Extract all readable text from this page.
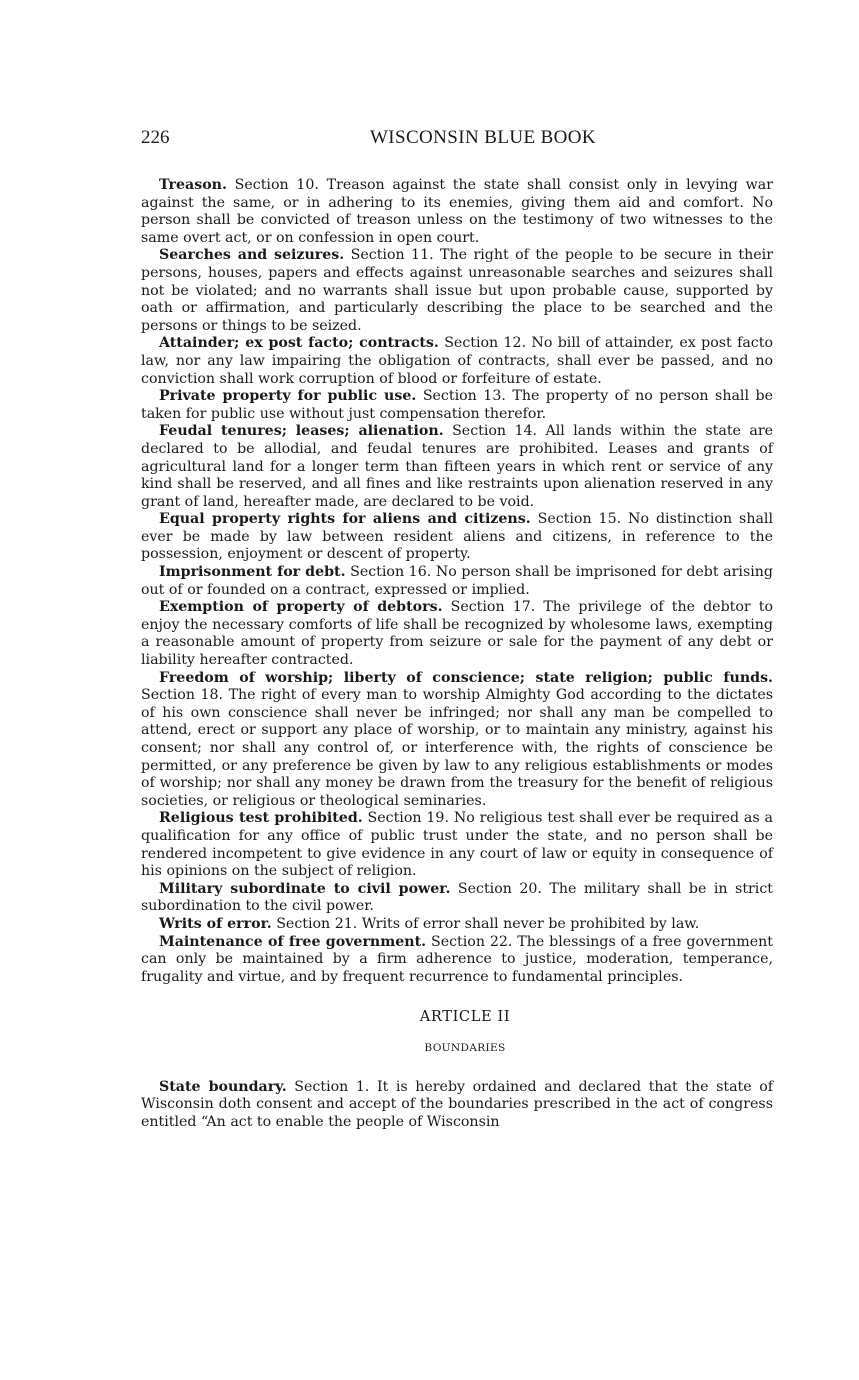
226	WISCONSIN BLUE BOOK

Treason. Section 10. Treason against the state shall consist only in levying war against the same, or in adhering to its enemies, giving them aid and comfort. No person shall be convicted of treason unless on the testimony of two witnesses to the same overt act, or on confession in open court.

Searches and seizures. Section 11. The right of the people to be secure in their persons, houses, papers and effects against unreasonable searches and seizures shall not be violated; and no warrants shall issue but upon probable cause, supported by oath or affirmation, and particularly describing the place to be searched and the persons or things to be seized.

Attainder; ex post facto; contracts. Section 12. No bill of attainder, ex post facto law, nor any law impairing the obligation of contracts, shall ever be passed, and no conviction shall work corruption of blood or forfeiture of estate.

Private property for public use. Section 13. The property of no person shall be taken for public use without just compensation therefor.

Feudal tenures; leases; alienation. Section 14. All lands within the state are declared to be allodial, and feudal tenures are prohibited. Leases and grants of agricultural land for a longer term than fifteen years in which rent or service of any kind shall be reserved, and all fines and like restraints upon alienation reserved in any grant of land, hereafter made, are declared to be void.

Equal property rights for aliens and citizens. Section 15. No distinction shall ever be made by law between resident aliens and citizens, in reference to the possession, enjoyment or descent of property.

Imprisonment for debt. Section 16. No person shall be imprisoned for debt arising out of or founded on a contract, expressed or implied.

Exemption of property of debtors. Section 17. The privilege of the debtor to enjoy the necessary comforts of life shall be recognized by wholesome laws, exempting a reasonable amount of property from seizure or sale for the payment of any debt or liability hereafter contracted.

Freedom of worship; liberty of conscience; state religion; public funds. Section 18. The right of every man to worship Almighty God according to the dictates of his own conscience shall never be infringed; nor shall any man be compelled to attend, erect or support any place of worship, or to maintain any ministry, against his consent; nor shall any control of, or interference with, the rights of conscience be permitted, or any preference be given by law to any religious establishments or modes of worship; nor shall any money be drawn from the treasury for the benefit of religious societies, or religious or theological seminaries.

Religious test prohibited. Section 19. No religious test shall ever be required as a qualification for any office of public trust under the state, and no person shall be rendered incompetent to give evidence in any court of law or equity in consequence of his opinions on the subject of religion.

Military subordinate to civil power. Section 20. The military shall be in strict subordination to the civil power.

Writs of error. Section 21. Writs of error shall never be prohibited by law.

Maintenance of free government. Section 22. The blessings of a free government can only be maintained by a firm adherence to justice, moderation, temperance, frugality and virtue, and by frequent recurrence to fundamental principles.

ARTICLE II

BOUNDARIES

State boundary. Section 1. It is hereby ordained and declared that the state of Wisconsin doth consent and accept of the boundaries prescribed in the act of congress entitled “An act to enable the people of Wisconsin
